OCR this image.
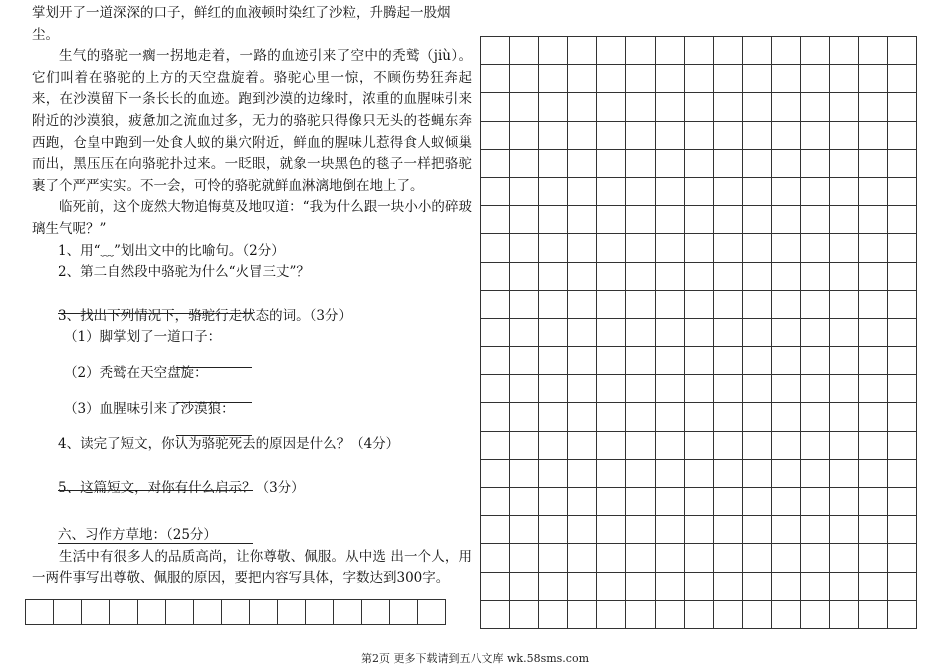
掌划开了一道深深的口子，鲜红的血液顿时染红了沙粒，升腾起一股烟
尘。
生气的骆驼一瘸一拐地走着，一路的血迹引来了空中的秃鹫（jiù）。它们叫着在骆驼的上方的天空盘旋着。骆驼心里一惊，不顾伤势狂奔起来，在沙漠留下一条长长的血迹。跑到沙漠的边缘时，浓重的血腥味引来附近的沙漠狼，疲惫加之流血过多，无力的骆驼只得像只无头的苍蝇东奔西跑，仓皇中跑到一处食人蚁的巢穴附近，鲜血的腥味儿惹得食人蚁倾巢而出，黑压压在向骆驼扑过来。一眨眼，就象一块黑色的毯子一样把骆驼裹了个严严实实。不一会，可怜的骆驼就鲜血淋漓地倒在地上了。
临死前，这个庞然大物追悔莫及地叹道：“我为什么跟一块小小的碎玻璃生气呢？”
1、用“﹏”划出文中的比喻句。（2分）
2、第二自然段中骆驼为什么“火冒三丈”？
3、找出下列情况下，骆驼行走状态的词。（3分）
（1）脚掌划了一道口子：
（2）秃鹫在天空盘旋：
（3）血腥味引来了沙漠狼：
4、读完了短文，你认为骆驼死去的原因是什么？（4分）
5、这篇短文，对你有什么启示？（3分）
六、习作方草地：（25分）
生活中有很多人的品质高尚，让你尊敬、佩服。从中选 出一个人，用一两件事写出尊敬、佩服的原因，要把内容写具体，字数达到300字。

第2页 更多下载请到五八文库 wk.58sms.com
